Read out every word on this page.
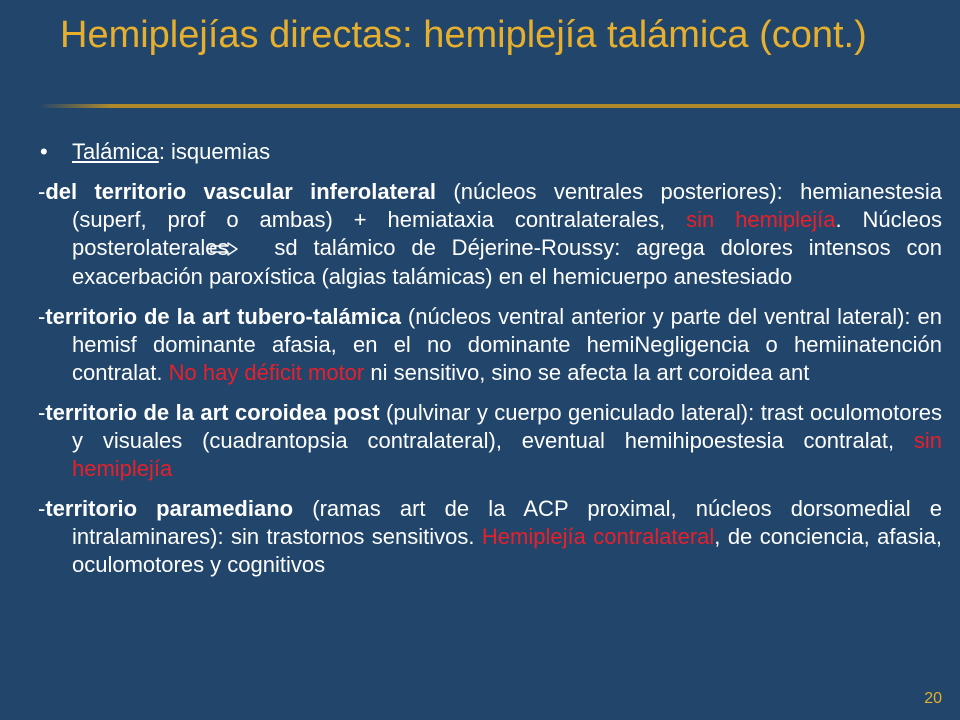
Hemiplejías directas: hemiplejía talámica (cont.)
• Talámica: isquemias
-del territorio vascular inferolateral (núcleos ventrales posteriores): hemianestesia (superf, prof o ambas) + hemiataxia contralaterales, sin hemiplejía. Núcleos posterolaterales sd talámico de Déjerine-Roussy: agrega dolores intensos con exacerbación paroxística (algias talámicas) en el hemicuerpo anestesiado
-territorio de la art tubero-talámica (núcleos ventral anterior y parte del ventral lateral): en hemisf dominante afasia, en el no dominante hemiNegligencia o hemiinatención contralat. No hay déficit motor ni sensitivo, sino se afecta la art coroidea ant
-territorio de la art coroidea post (pulvinar y cuerpo geniculado lateral): trast oculomotores y visuales (cuadrantopsia contralateral), eventual hemihipoestesia contralat, sin hemiplejía
-territorio paramediano (ramas art de la ACP proximal, núcleos dorsomedial e intralaminares): sin trastornos sensitivos. Hemiplejía contralateral, de conciencia, afasia, oculomotores y cognitivos
20
